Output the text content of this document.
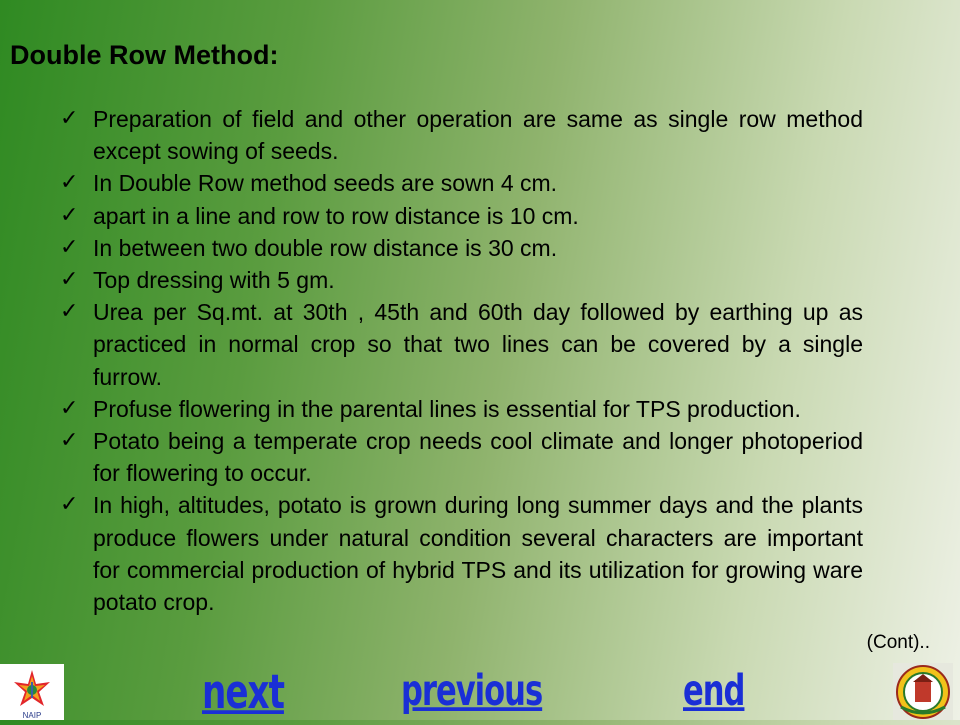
Double Row Method:
✓ Preparation of field and other operation are same as single row method except sowing of seeds.
✓ In Double Row method seeds are sown 4 cm.
✓ apart in a line and row to row distance is 10 cm.
✓ In between two double row distance is 30 cm.
✓ Top dressing with 5 gm.
✓ Urea per Sq.mt. at 30th , 45th and 60th day followed by earthing up as practiced in normal crop so that two lines can be covered by a single furrow.
✓ Profuse flowering in the parental lines is essential for TPS production.
✓ Potato being a temperate crop needs cool climate and longer photoperiod for flowering to occur.
✓ In high, altitudes, potato is grown during long summer days and the plants produce flowers under natural condition several characters are important for commercial production of hybrid TPS and its utilization for growing ware potato crop.
(Cont)..
NAIP	next	previous	end
